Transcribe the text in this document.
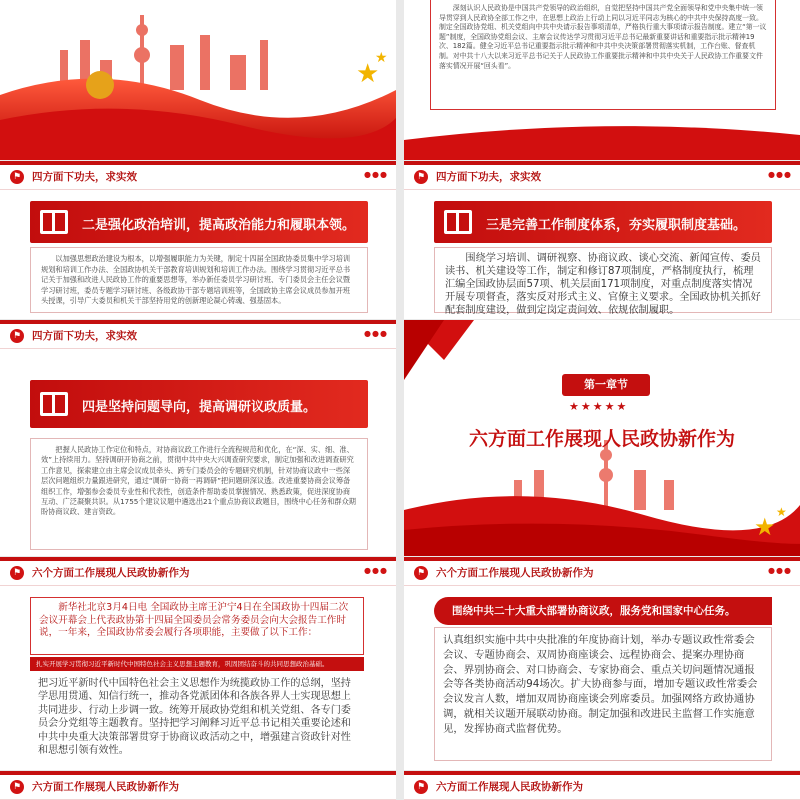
★
★
深刻认识人民政协是中国共产党领导的政治组织，自觉把坚持中国共产党全面领导和党中央集中统一领导贯穿到人民政协全部工作之中，在思想上政治上行动上同以习近平同志为核心的中共中央保持高度一致。制定全国政协党组、机关党组向中共中央请示报告事项清单，严格执行重大事项请示报告制度。建立“第一议题”制度，全国政协党组会议、主席会议传达学习贯彻习近平总书记最新重要讲话和重要指示批示精神19次、182篇。健全习近平总书记重要指示批示精神和中共中央决策部署贯彻落实机制，工作台账、督查机制。对中共十八大以来习近平总书记关于人民政协工作重要批示精神和中共中央关于人民政协工作重要文件落实情况开展“回头看”。
⚑ 四方面下功夫，求实效	●●●
二是强化政治培训，提高政治能力和履职本领。
以加强思想政治建设为根本，以增强履职能力为关键，制定十四届全国政协委员集中学习培训规划和培训工作办法、全国政协机关干部教育培训规划和培训工作办法。围绕学习贯彻习近平总书记关于加强和改进人民政协工作的重要思想等，举办新任委员学习研讨班、专门委员会主任会议暨学习研讨班，委员专题学习研讨班、各级政协干部专题培训班等，全国政协主席会议成员参加开班头授课，引导广大委员和机关干部坚持用党的创新理论凝心铸魂、强基固本。
⚑ 四方面下功夫，求实效	●●●
三是完善工作制度体系，夯实履职制度基础。
围绕学习培训、调研视察、协商议政、谈心交流、新闻宣传、委员读书、机关建设等工作，制定和修订87项制度，严格制度执行，梳理汇编全国政协层面57项、机关层面171项制度，对重点制度落实情况开展专项督查，落实反对形式主义、官僚主义要求。全国政协机关抓好配套制度建设，做到定岗定责问效、依规依制履职。
⚑ 四方面下功夫，求实效	●●●
四是坚持问题导向，提高调研议政质量。
把握人民政协工作定位和特点，对协商议政工作进行全流程规范和优化，在“深、实、细、准、效”上持续用力。坚持调研开协商之前，贯彻中共中央大兴调查研究要求，制定加强和改进调查研究工作意见，探索建立由主席会议成员牵头、跨专门委员会的专题研究机制，针对协商议政中一些深层次问题组织力量跟进研究，通过“调研一协商一再调研”把问题研深议透。改进重要协商会议筹备组织工作，增强参会委员专业性和代表性，创造条件帮助委员掌握情况、熟悉政策，促进深度协商互动、广泛凝聚共识。从1755个建议议题中遴选出21个重点协商议政题目，围绕中心任务和群众期盼协商议政、建言资政。
★
★
第一章节
★★★★★
六方面工作展现人民政协新作为
⚑ 六个方面工作展现人民政协新作为	●●●
新华社北京3月4日电 全国政协主席王沪宁4日在全国政协十四届二次会议开幕会上代表政协第十四届全国委员会常务委员会向大会报告工作时说，一年来，全国政协常委会履行各项职能，主要做了以下工作：
扎实开展学习贯彻习近平新时代中国特色社会主义思想主题教育，巩固团结奋斗的共同思想政治基础。
把习近平新时代中国特色社会主义思想作为统揽政协工作的总纲，坚持学思用贯通、知信行统一，推动各党派团体和各族各界人士实现思想上共同进步、行动上步调一致。统筹开展政协党组和机关党组、各专门委员会分党组等主题教育。坚持把学习阐释习近平总书记相关重要论述和中共中央重大决策部署贯穿于协商议政活动之中，增强建言资政针对性和思想引领有效性。
⚑ 六个方面工作展现人民政协新作为	●●●
围绕中共二十大重大部署协商议政，服务党和国家中心任务。
认真组织实施中共中央批准的年度协商计划，举办专题议政性常委会会议、专题协商会、双周协商座谈会、远程协商会、提案办理协商会、界别协商会、对口协商会、专家协商会、重点关切问题情况通报会等各类协商活动94场次。扩大协商参与面，增加专题议政性常委会会议发言人数，增加双周协商座谈会列席委员。加强网络方政协通协调，就相关议题开展联动协商。制定加强和改进民主监督工作实施意见，发挥协商式监督优势。
⚑ 六方面工作展现人民政协新作为	⚑ 六方面工作展现人民政协新作为
